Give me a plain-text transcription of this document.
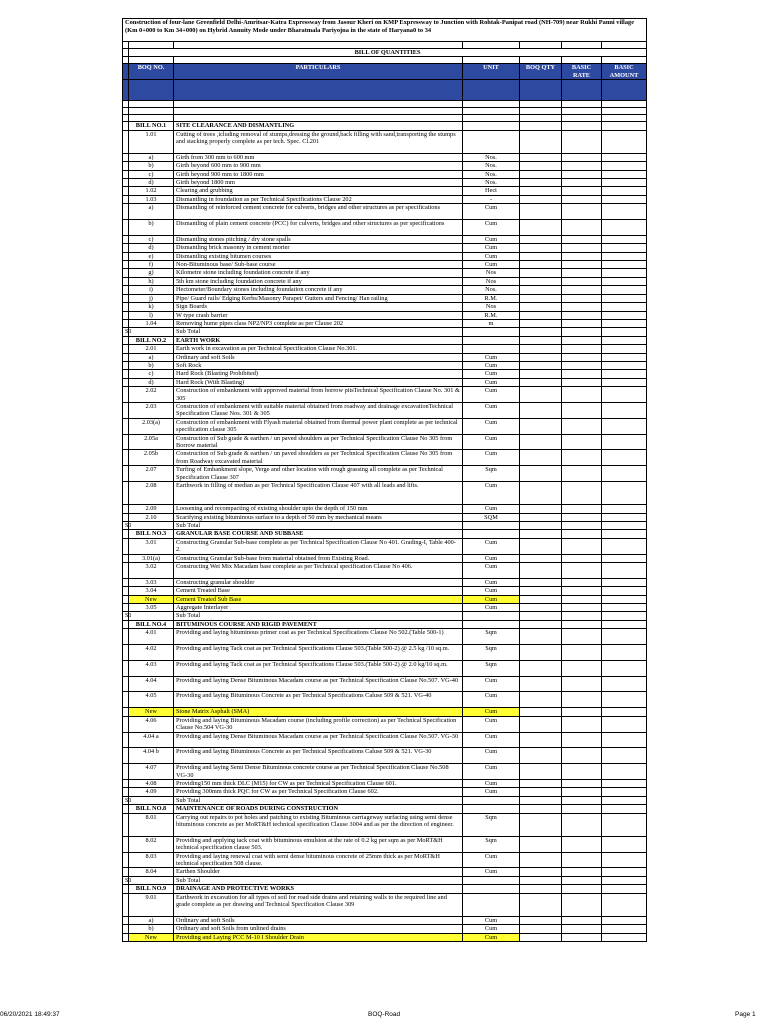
Construction of four-lane Greenfield Delhi-Amritsar-Katra Expressway from Jasour Kheri on KMP Expressway to Junction with Rohtak-Panipat road (NH-709) near Rukhi Panni village (Km 0+000 to Km 34+000) on Hybrid Annuity Mode under Bharatmala Pariyojna in the state of Haryana0 to 34						

	BILL OF QUANTITIES					

	BOQ NO.	PARTICULARS	UNIT	BOQ QTY	BASIC RATE	BASIC AMOUNT

	BILL NO.1	SITE CLEARANCE AND DISMANTLING				
	1.01	Cutting of trees ,icluding removal of stumps,dressing the ground,back filling with sand,transporting the stumps and stacking properly complete as per tech. Spec. Cl.201				
	a)	Girth from 300 mm to 600 mm	Nos.			
	b)	Girth beyond 600 mm to 900 mm	Nos.			
	c)	Girth beyond 900 mm to 1800 mm	Nos.			
	d)	Girth beyond 1800 mm	Nos.			
	1.02	Clearing and grubbing	Hect			
	1.03	Dismantling in foundation as per Technical Specifications Clause 202	-			
	a)	Dismantling of reinforced cement concrete for culverts, bridges and other structures as per specifications	Cum			
	b)	Dismantling of plain cement concrete (PCC) for culverts, bridges and other structures as per specifications	Cum			
	c)	Dismantling stones pitching / dry stone spalls	Cum			
	d)	Dismantling brick masonry in cement morter	Cum			
	e)	Dismantling existing bitumen courses	Cum			
	f)	Non-Bituminous base/ Sub-base course	Cum			
	g)	Kilometre stone including foundation concrete if any	Nos			
	h)	5th km stone including foundation concrete if any	Nos			
	i)	Hectometer/Boundary stones including foundation concrete if any	Nos.			
	j)	Pipe/ Guard rails/ Edging Kerbs/Masonry Parapet/ Gutters and Fencing/ Han railing	R.M.			
	k)	Sign Boards	Nos			
	l)	W type crash barrier	R.M.			
	1.04	Removing hume pipes class NP2/NP3 complete as per Clause 202	m			
S1		Sub Total				
	BILL NO.2	EARTH WORK				
	2.01	Earth work in excavation as per Technical Specification Clause No.301.				
	a)	Ordinary and soft Soils	Cum			
	b)	Soft Rock	Cum			
	c)	Hard Rock (Blasting Prohibited)	Cum			
	d)	Hard Rock (With Blasting)	Cum			
	2.02	Construction of embankment with approved material from borrow pitsTechnical Specification Clause No. 301 & 305	Cum			
	2.03	Construction of embankment with suitable material obtained from roadway and drainage excavationTechnical Specification Clause Nos. 301 & 305	Cum			
	2.03(a)	Construction of embankment with Flyash material obtained from thermal power plant complete as per technical specification clause 305	Cum			
	2.05a	Construction of Sub grade & earthen / un paved shoulders as per Technical Specification Clause No 305 from Borrow material	Cum			
	2.05b	Construction of Sub grade & earthen / un paved shoulders as per Technical Specification Clause No 305 from from Roadway excavated material	Cum			
	2.07	Turfing of Embankment slope, Verge and other location with rough grassing all complete as per Technical Specification Clause 307	Sqm			
	2.08	Earthwork in filling of median as per Technical Specification Clause 407 with all leads and lifts.	Cum			
	2.09	Loosening and recompacting of existing shoulder upto the depth of 150 mm	Cum			
	2.10	Scarifying existing bituminous surface to a depth of 50 mm by mechanical means	SQM			
S1		Sub Total				
	BILL NO.3	GRANULAR BASE COURSE AND SUBBASE				
	3.01	Constructing Granular Sub-base complete as per Technical Specification Clause No 401. Grading-I, Table 400-2.	Cum			
	3.01(a)	Constructing Granular Sub-base from material obtained from Existing Road.	Cum			
	3.02	Constructing Wet Mix Macadam base complete as per Technical specification Clause No 406.	Cum			
	3.03	Constructing granular shoulder	Cum			
	3.04	Cement Treated Base	Cum			
	New	Cement Treated Sub Base	Cum			
	3.05	Aggregate Interlayer	Cum			
S1		Sub Total				
	BILL NO.4	BITUMINOUS COURSE AND RIGID PAVEMENT				
	4.01	Providing and laying bituminous primer coat as per Technical Specifications Clause No 502.(Table 500-1)	Sqm			
	4.02	Providing and laying Tack coat as per Technical Specifications Clause 503.(Table 500-2) @ 2.5 kg /10 sq.m.	Sqm			
	4.03	Providing and laying Tack coat as per Technical Specifications Clause 503.(Table 500-2) @ 2.0 kg/10 sq.m.	Sqm			
	4.04	Providing and laying Dense Bituminous Macadam course as per Technical Specification Clause No.507. VG-40	Cum			
	4.05	Providing and laying Bituminous Concrete as per Technical Specifications Caluse 509 & 521. VG-40	Cum			
	New	Stone Matrix Asphalt (SMA)	Cum			
	4.06	Providing and laying Bituminous Macadam course (including profile correction) as per Technical Specification Clause No.504 VG-30	Cum			
	4.04 a	Providing and laying Dense Bituminous Macadam course as per Technical Specification Clause No.507. VG-30	Cum			
	4.04 b	Providing and laying Bituminous Concrete as per Technical Specifications Caluse 509 & 521. VG-30	Cum			
	4.07	Providing and laying Semi Dense Bituminous concrete course as per Technical Specification Clause No.508 VG-30	Cum			
	4.08	Providing150 mm thick DLC (M15) for CW as per Technical Specification Clause 601.	Cum			
	4.09	Providing 300mm thick PQC for CW as per Technical Specification Clause 602.	Cum			
S1		Sub Total				
	BILL NO.8	MAINTENANCE OF ROADS DURING CONSTRUCTION				
	8.01	Carrying out repairs to pot holes and patching to existing Bituminous carriageway surfacing using semi dense bituminous concrete as per MoRT&H technical specification Clause 3004 and as per the direction of engineer.	Sqm			
	8.02	Providing and applying tack coat with bituminous emulsion at the rate of 0.2 kg per sqm as per MoRT&H technical specification clause 503.	Sqm			
	8.03	Providing and laying renewal coat with semi dense bituminous concrete of 25mm thick as per MoRT&H technical specification 508 clause.	Cum			
	8.04	Earthen Shoulder	Cum			
S1		Sub Total				
	BILL NO.9	DRAINAGE AND PROTECTIVE WORKS				
	9.01	Earthwork in excavation for all types of soil for road side drains and retaining walls to the required line and grade complete as per drawing and Technical Specification Clause 309				
	a)	Ordinary and soft Soils	Cum			
	b)	Ordinary and soft Soils from unlined drains	Cum			
	New	Providing and Laying PCC M-10 I Shoulder Drain	Cum			
06/20/2021 18:49:37	BOQ-Road	Page 1
